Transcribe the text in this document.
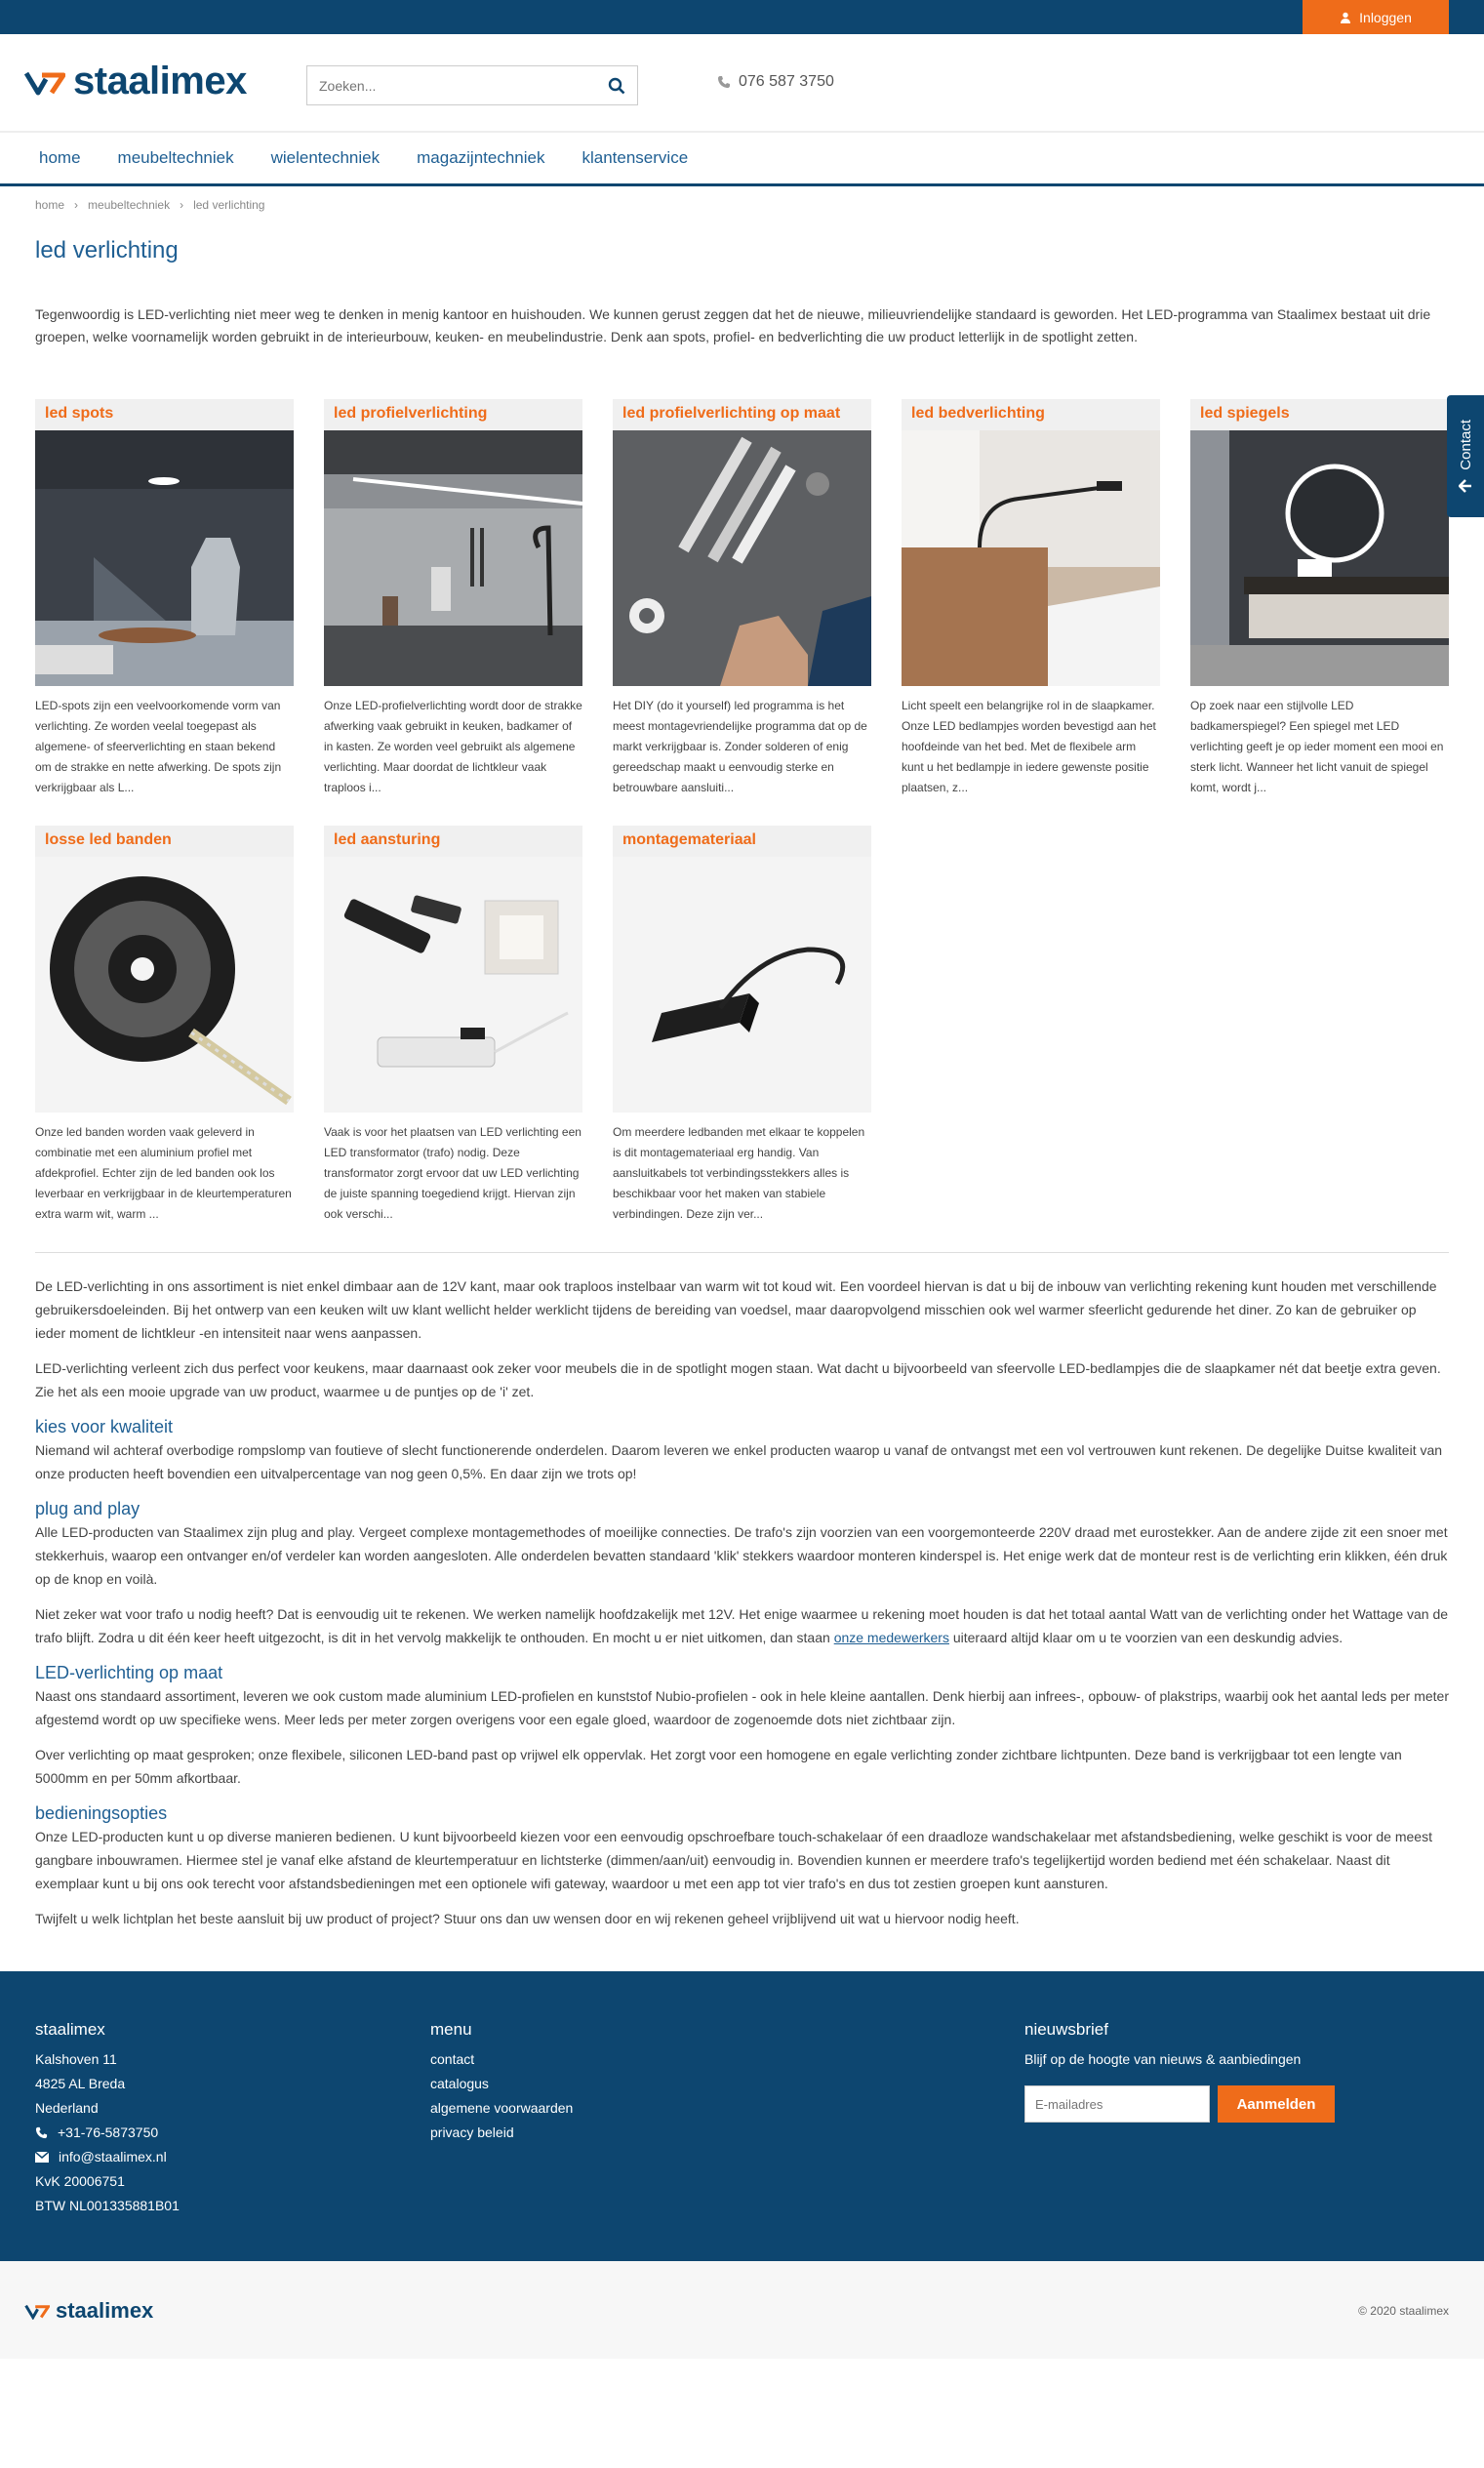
Inloggen
staalimex
Zoeken...	076 587 3750
home meubeltechniek wielentechniek magazijntechniek klantenservice
home › meubeltechniek › led verlichting
led verlichting

Tegenwoordig is LED-verlichting niet meer weg te denken in menig kantoor en huishouden. We kunnen gerust zeggen dat het de nieuwe, milieuvriendelijke standaard is geworden. Het LED-programma van Staalimex bestaat uit drie groepen, welke voornamelijk worden gebruikt in de interieurbouw, keuken- en meubelindustrie. Denk aan spots, profiel- en bedverlichting die uw product letterlijk in de spotlight zetten.

led spots

LED-spots zijn een veelvoorkomende vorm van verlichting. Ze worden veelal toegepast als algemene- of sfeerverlichting en staan bekend om de strakke en nette afwerking. De spots zijn verkrijgbaar als L...

led profielverlichting

Onze LED-profielverlichting wordt door de strakke afwerking vaak gebruikt in keuken, badkamer of in kasten. Ze worden veel gebruikt als algemene verlichting. Maar doordat de lichtkleur vaak traploos i...

led profielverlichting op maat

Het DIY (do it yourself) led programma is het meest montagevriendelijke programma dat op de markt verkrijgbaar is. Zonder solderen of enig gereedschap maakt u eenvoudig sterke en betrouwbare aansluiti...

led bedverlichting

Licht speelt een belangrijke rol in de slaapkamer. Onze LED bedlampjes worden bevestigd aan het hoofdeinde van het bed. Met de flexibele arm kunt u het bedlampje in iedere gewenste positie plaatsen, z...

led spiegels

Op zoek naar een stijlvolle LED badkamerspiegel? Een spiegel met LED verlichting geeft je op ieder moment een mooi en sterk licht. Wanneer het licht vanuit de spiegel komt, wordt j...

losse led banden

Onze led banden worden vaak geleverd in combinatie met een aluminium profiel met afdekprofiel. Echter zijn de led banden ook los leverbaar en verkrijgbaar in de kleurtemperaturen extra warm wit, warm ...

led aansturing

Vaak is voor het plaatsen van LED verlichting een LED transformator (trafo) nodig. Deze transformator zorgt ervoor dat uw LED verlichting de juiste spanning toegediend krijgt. Hiervan zijn ook verschi...

montagemateriaal

Om meerdere ledbanden met elkaar te koppelen is dit montagemateriaal erg handig. Van aansluitkabels tot verbindingsstekkers alles is beschikbaar voor het maken van stabiele verbindingen. Deze zijn ver...

De LED-verlichting in ons assortiment is niet enkel dimbaar aan de 12V kant, maar ook traploos instelbaar van warm wit tot koud wit. Een voordeel hiervan is dat u bij de inbouw van verlichting rekening kunt houden met verschillende gebruikersdoeleinden. Bij het ontwerp van een keuken wilt uw klant wellicht helder werklicht tijdens de bereiding van voedsel, maar daaropvolgend misschien ook wel warmer sfeerlicht gedurende het diner. Zo kan de gebruiker op ieder moment de lichtkleur -en intensiteit naar wens aanpassen.

LED-verlichting verleent zich dus perfect voor keukens, maar daarnaast ook zeker voor meubels die in de spotlight mogen staan. Wat dacht u bijvoorbeeld van sfeervolle LED-bedlampjes die de slaapkamer nét dat beetje extra geven. Zie het als een mooie upgrade van uw product, waarmee u de puntjes op de 'i' zet.

kies voor kwaliteit

Niemand wil achteraf overbodige rompslomp van foutieve of slecht functionerende onderdelen. Daarom leveren we enkel producten waarop u vanaf de ontvangst met een vol vertrouwen kunt rekenen. De degelijke Duitse kwaliteit van onze producten heeft bovendien een uitvalpercentage van nog geen 0,5%. En daar zijn we trots op!

plug and play

Alle LED-producten van Staalimex zijn plug and play. Vergeet complexe montagemethodes of moeilijke connecties. De trafo's zijn voorzien van een voorgemonteerde 220V draad met eurostekker. Aan de andere zijde zit een snoer met stekkerhuis, waarop een ontvanger en/of verdeler kan worden aangesloten. Alle onderdelen bevatten standaard 'klik' stekkers waardoor monteren kinderspel is. Het enige werk dat de monteur rest is de verlichting erin klikken, één druk op de knop en voilà.

Niet zeker wat voor trafo u nodig heeft? Dat is eenvoudig uit te rekenen. We werken namelijk hoofdzakelijk met 12V. Het enige waarmee u rekening moet houden is dat het totaal aantal Watt van de verlichting onder het Wattage van de trafo blijft. Zodra u dit één keer heeft uitgezocht, is dit in het vervolg makkelijk te onthouden. En mocht u er niet uitkomen, dan staan onze medewerkers uiteraard altijd klaar om u te voorzien van een deskundig advies.

LED-verlichting op maat

Naast ons standaard assortiment, leveren we ook custom made aluminium LED-profielen en kunststof Nubio-profielen - ook in hele kleine aantallen. Denk hierbij aan infrees-, opbouw- of plakstrips, waarbij ook het aantal leds per meter afgestemd wordt op uw specifieke wens. Meer leds per meter zorgen overigens voor een egale gloed, waardoor de zogenoemde dots niet zichtbaar zijn.

Over verlichting op maat gesproken; onze flexibele, siliconen LED-band past op vrijwel elk oppervlak. Het zorgt voor een homogene en egale verlichting zonder zichtbare lichtpunten. Deze band is verkrijgbaar tot een lengte van 5000mm en per 50mm afkortbaar.

bedieningsopties

Onze LED-producten kunt u op diverse manieren bedienen. U kunt bijvoorbeeld kiezen voor een eenvoudig opschroefbare touch-schakelaar óf een draadloze wandschakelaar met afstandsbediening, welke geschikt is voor de meest gangbare inbouwramen. Hiermee stel je vanaf elke afstand de kleurtemperatuur en lichtsterke (dimmen/aan/uit) eenvoudig in. Bovendien kunnen er meerdere trafo's tegelijkertijd worden bediend met één schakelaar. Naast dit exemplaar kunt u bij ons ook terecht voor afstandsbedieningen met een optionele wifi gateway, waardoor u met een app tot vier trafo's en dus tot zestien groepen kunt aansturen.

Twijfelt u welk lichtplan het beste aansluit bij uw product of project? Stuur ons dan uw wensen door en wij rekenen geheel vrijblijvend uit wat u hiervoor nodig heeft.

staalimex
Kalshoven 11
4825 AL Breda
Nederland
+31-76-5873750
info@staalimex.nl
KvK 20006751
BTW NL001335881B01
menu
contact
catalogus
algemene voorwaarden
privacy beleid
nieuwsbrief
Blijf op de hoogte van nieuws & aanbiedingen
E-mailadresAanmelden
staalimex	© 2020 staalimex
Contact
